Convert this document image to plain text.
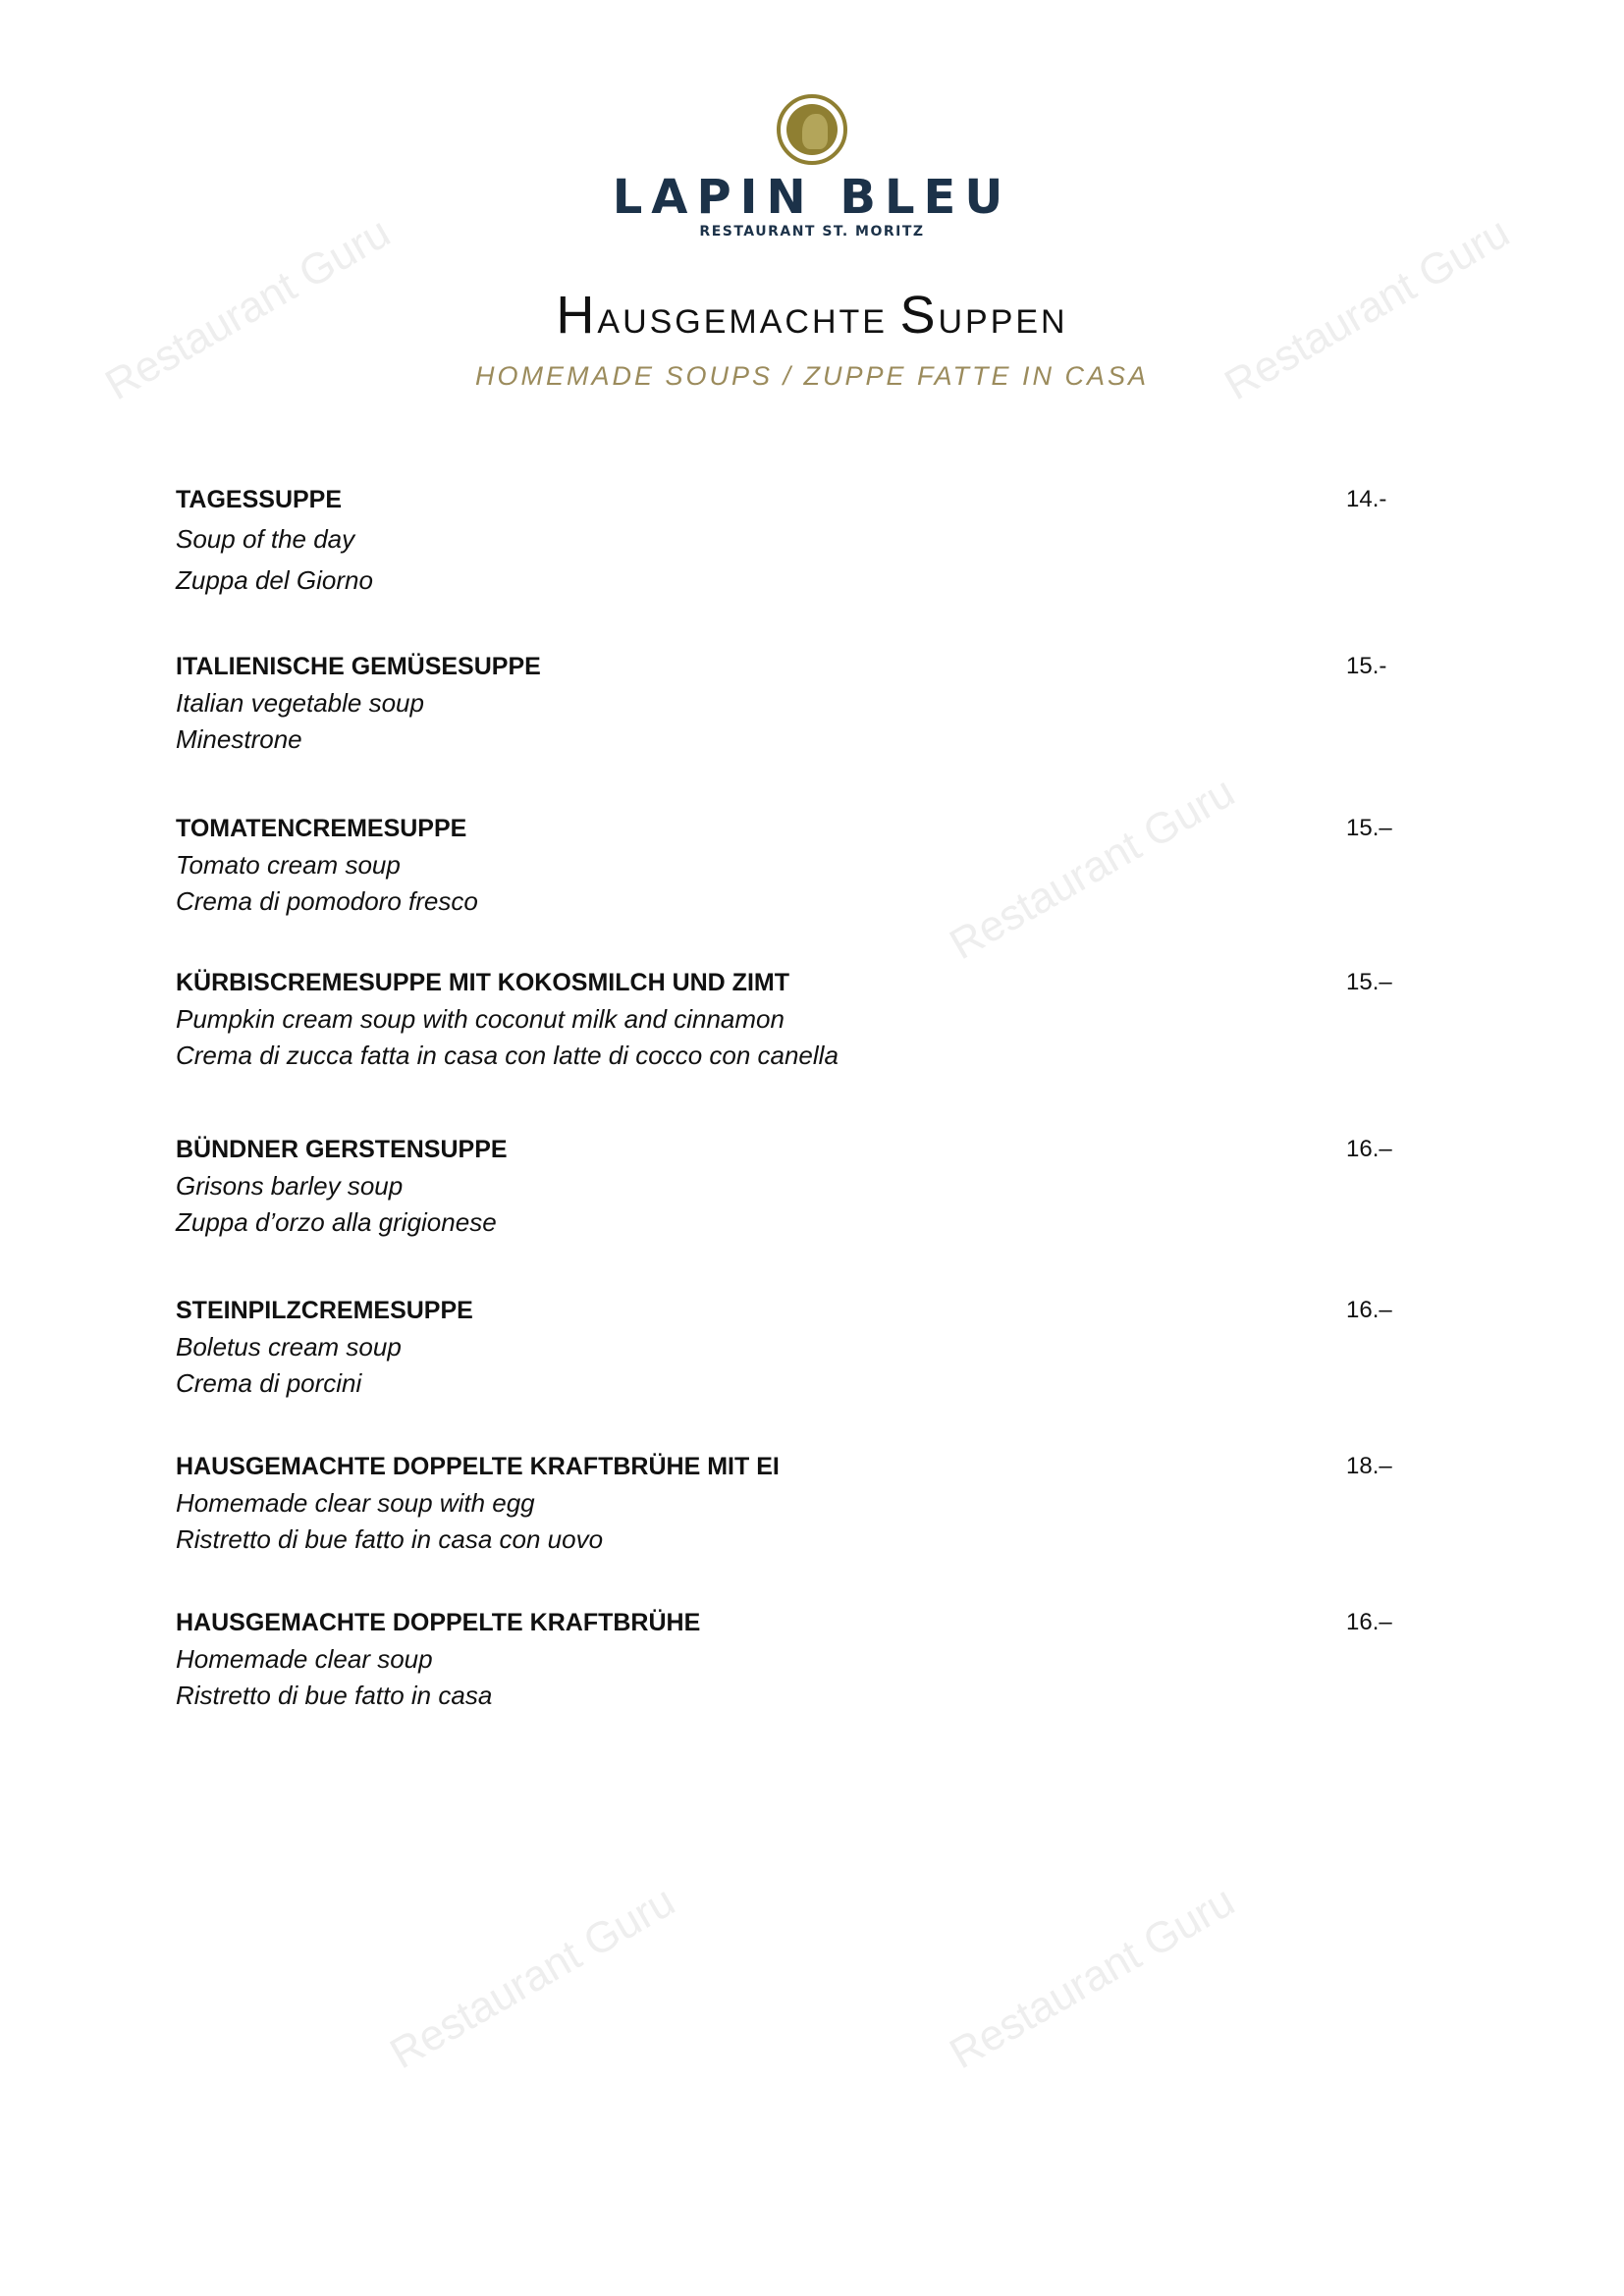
Restaurant Guru	Restaurant Guru
Restaurant Guru
Restaurant Guru	Restaurant Guru
LAPIN BLEU
RESTAURANT ST. MORITZ
HAUSGEMACHTE SUPPEN
HOMEMADE SOUPS / ZUPPE FATTE IN CASA
TAGESSUPPE
Soup of the day
Zuppa del Giorno
14.-
ITALIENISCHE GEMÜSESUPPE
Italian vegetable soup
Minestrone
15.-
TOMATENCREMESUPPE
Tomato cream soup
Crema di pomodoro fresco
15.–
KÜRBISCREMESUPPE MIT KOKOSMILCH UND ZIMT
Pumpkin cream soup with coconut milk and cinnamon
Crema di zucca fatta in casa con latte di cocco con canella
15.–
BÜNDNER GERSTENSUPPE
Grisons barley soup
Zuppa d’orzo alla grigionese
16.–
STEINPILZCREMESUPPE
Boletus cream soup
Crema di porcini
16.–
HAUSGEMACHTE DOPPELTE KRAFTBRÜHE MIT EI
Homemade clear soup with egg
Ristretto di bue fatto in casa con uovo
18.–
HAUSGEMACHTE DOPPELTE KRAFTBRÜHE
Homemade clear soup
Ristretto di bue fatto in casa
16.–
